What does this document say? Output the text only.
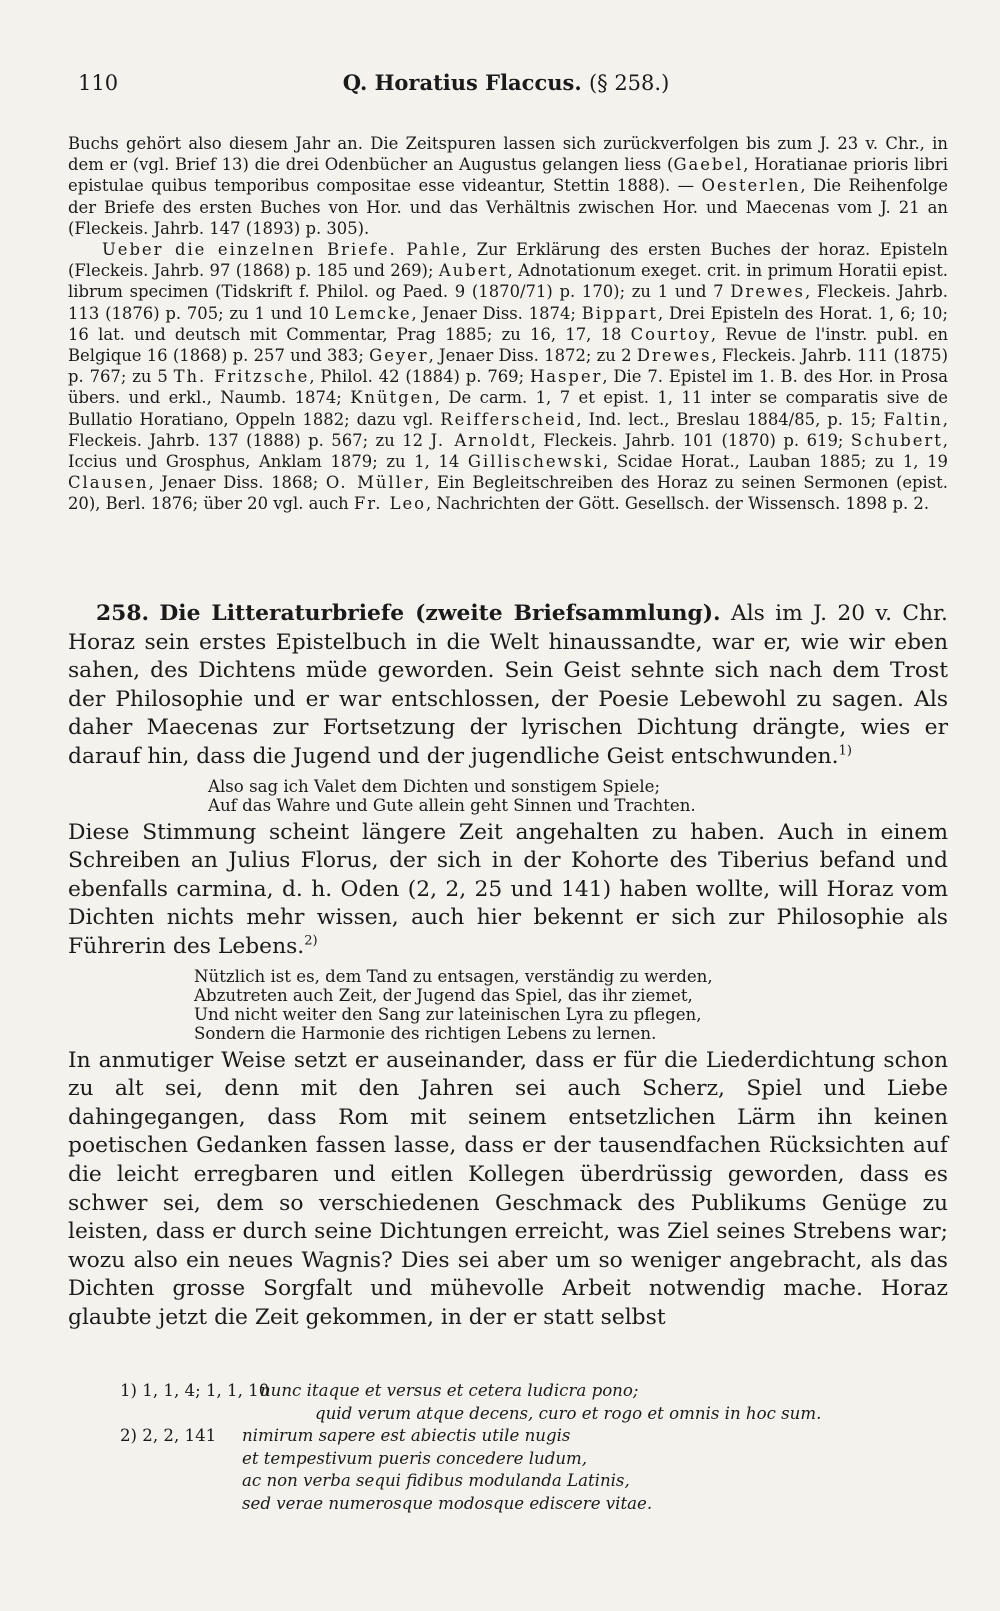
110	Q. Horatius Flaccus. (§ 258.)

Buchs gehört also diesem Jahr an. Die Zeitspuren lassen sich zurückverfolgen bis zum J. 23 v. Chr., in dem er (vgl. Brief 13) die drei Odenbücher an Augustus gelangen liess (Gaebel, Horatianae prioris libri epistulae quibus temporibus compositae esse videantur, Stettin 1888). — Oesterlen, Die Reihenfolge der Briefe des ersten Buches von Hor. und das Verhältnis zwischen Hor. und Maecenas vom J. 21 an (Fleckeis. Jahrb. 147 (1893) p. 305).

Ueber die einzelnen Briefe. Pahle, Zur Erklärung des ersten Buches der horaz. Episteln (Fleckeis. Jahrb. 97 (1868) p. 185 und 269); Aubert, Adnotationum exeget. crit. in primum Horatii epist. librum specimen (Tidskrift f. Philol. og Paed. 9 (1870/71) p. 170); zu 1 und 7 Drewes, Fleckeis. Jahrb. 113 (1876) p. 705; zu 1 und 10 Lemcke, Jenaer Diss. 1874; Bippart, Drei Episteln des Horat. 1, 6; 10; 16 lat. und deutsch mit Commentar, Prag 1885; zu 16, 17, 18 Courtoy, Revue de l'instr. publ. en Belgique 16 (1868) p. 257 und 383; Geyer, Jenaer Diss. 1872; zu 2 Drewes, Fleckeis. Jahrb. 111 (1875) p. 767; zu 5 Th. Fritzsche, Philol. 42 (1884) p. 769; Hasper, Die 7. Epistel im 1. B. des Hor. in Prosa übers. und erkl., Naumb. 1874; Knütgen, De carm. 1, 7 et epist. 1, 11 inter se comparatis sive de Bullatio Horatiano, Oppeln 1882; dazu vgl. Reifferscheid, Ind. lect., Breslau 1884/85, p. 15; Faltin, Fleckeis. Jahrb. 137 (1888) p. 567; zu 12 J. Arnoldt, Fleckeis. Jahrb. 101 (1870) p. 619; Schubert, Iccius und Grosphus, Anklam 1879; zu 1, 14 Gillischewski, Scidae Horat., Lauban 1885; zu 1, 19 Clausen, Jenaer Diss. 1868; O. Müller, Ein Begleitschreiben des Horaz zu seinen Sermonen (epist. 20), Berl. 1876; über 20 vgl. auch Fr. Leo, Nachrichten der Gött. Gesellsch. der Wissensch. 1898 p. 2.

258. Die Litteraturbriefe (zweite Briefsammlung). Als im J. 20 v. Chr. Horaz sein erstes Epistelbuch in die Welt hinaussandte, war er, wie wir eben sahen, des Dichtens müde geworden. Sein Geist sehnte sich nach dem Trost der Philosophie und er war entschlossen, der Poesie Lebewohl zu sagen. Als daher Maecenas zur Fortsetzung der lyrischen Dichtung drängte, wies er darauf hin, dass die Jugend und der jugendliche Geist entschwunden.$^{1)}$

Also sag ich Valet dem Dichten und sonstigem Spiele;
Auf das Wahre und Gute allein geht Sinnen und Trachten.

Diese Stimmung scheint längere Zeit angehalten zu haben. Auch in einem Schreiben an Julius Florus, der sich in der Kohorte des Tiberius befand und ebenfalls carmina, d. h. Oden (2, 2, 25 und 141) haben wollte, will Horaz vom Dichten nichts mehr wissen, auch hier bekennt er sich zur Philosophie als Führerin des Lebens.$^{2)}$

Nützlich ist es, dem Tand zu entsagen, verständig zu werden,
Abzutreten auch Zeit, der Jugend das Spiel, das ihr ziemet,
Und nicht weiter den Sang zur lateinischen Lyra zu pflegen,
Sondern die Harmonie des richtigen Lebens zu lernen.

In anmutiger Weise setzt er auseinander, dass er für die Liederdichtung schon zu alt sei, denn mit den Jahren sei auch Scherz, Spiel und Liebe dahingegangen, dass Rom mit seinem entsetzlichen Lärm ihn keinen poetischen Gedanken fassen lasse, dass er der tausendfachen Rücksichten auf die leicht erregbaren und eitlen Kollegen überdrüssig geworden, dass es schwer sei, dem so verschiedenen Geschmack des Publikums Genüge zu leisten, dass er durch seine Dichtungen erreicht, was Ziel seines Strebens war; wozu also ein neues Wagnis? Dies sei aber um so weniger angebracht, als das Dichten grosse Sorgfalt und mühevolle Arbeit notwendig mache. Horaz glaubte jetzt die Zeit gekommen, in der er statt selbst

1) 1, 1, 4; 1, 1, 10
nunc itaque et versus et cetera ludicra pono;
quid verum atque decens, curo et rogo et omnis in hoc sum.
2) 2, 2, 141	nimirum sapere est abiectis utile nugis
et tempestivum pueris concedere ludum,
ac non verba sequi fidibus modulanda Latinis,
sed verae numerosque modosque ediscere vitae.
